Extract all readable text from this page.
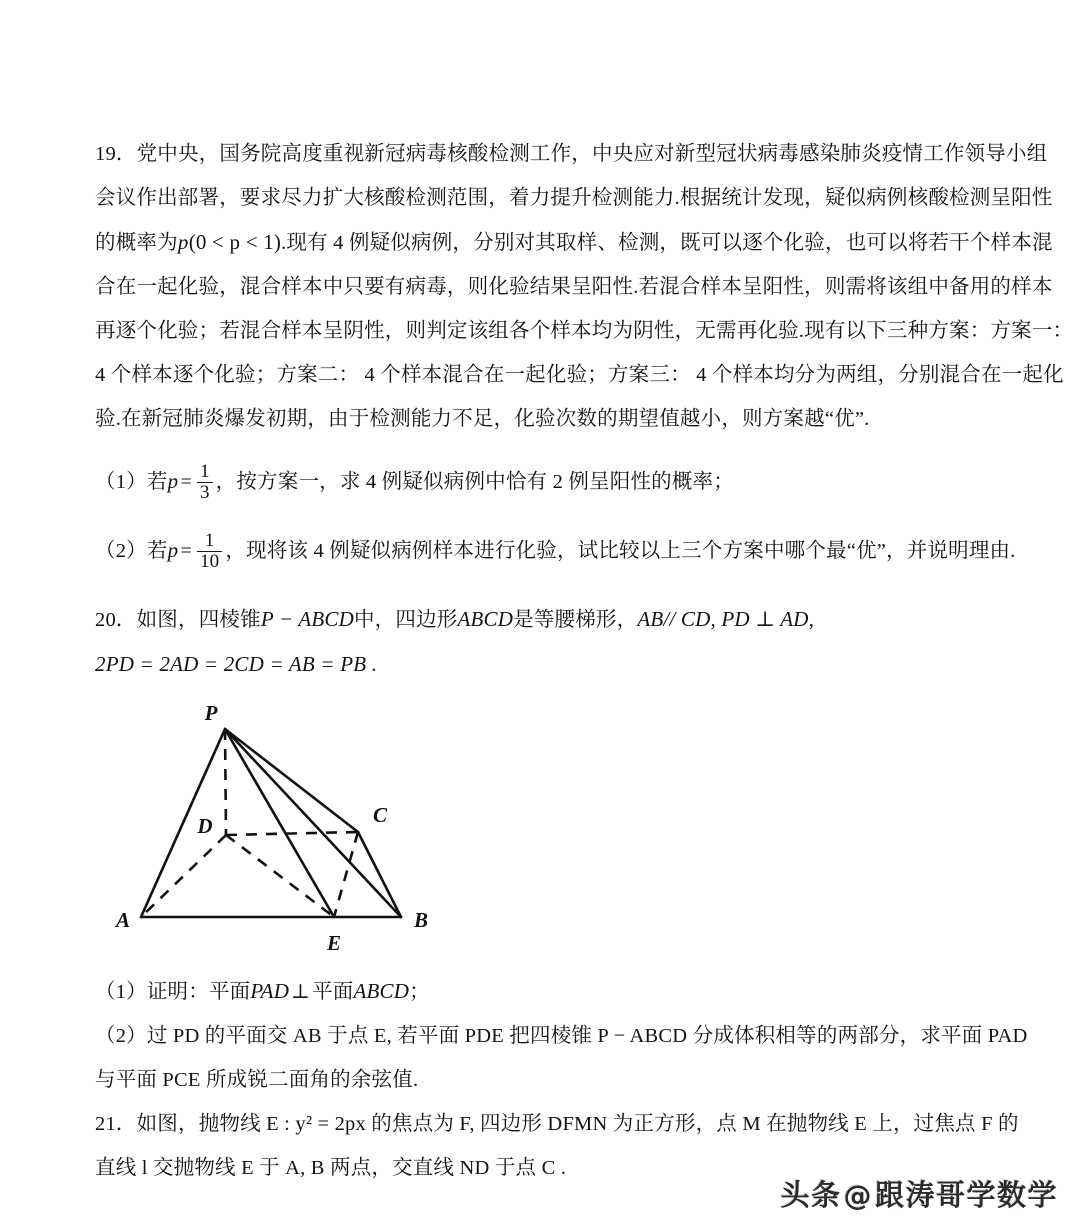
19．党中央，国务院高度重视新冠病毒核酸检测工作，中央应对新型冠状病毒感染肺炎疫情工作领导小组
会议作出部署，要求尽力扩大核酸检测范围，着力提升检测能力.根据统计发现，疑似病例核酸检测呈阳性
的概率为p(0 < p < 1).现有 4 例疑似病例，分别对其取样、检测，既可以逐个化验，也可以将若干个样本混
合在一起化验，混合样本中只要有病毒，则化验结果呈阳性.若混合样本呈阳性，则需将该组中备用的样本
再逐个化验；若混合样本呈阴性，则判定该组各个样本均为阴性，无需再化验.现有以下三种方案：方案一：
4 个样本逐个化验；方案二： 4 个样本混合在一起化验；方案三： 4 个样本均分为两组，分别混合在一起化
验.在新冠肺炎爆发初期，由于检测能力不足，化验次数的期望值越小，则方案越“优”.
（1）若$p = \frac{1}{3}$ ，按方案一，求 4 例疑似病例中恰有 2 例呈阳性的概率；
（2）若$p = \frac{1}{10}$ ，现将该 4 例疑似病例样本进行化验，试比较以上三个方案中哪个最“优”，并说明理由.
20．如图，四棱锥P − ABCD中，四边形ABCD是等腰梯形，AB// CD, PD ⊥ AD,
2PD = 2AD = 2CD = AB = PB .
P
D	C
A
E
B
（1）证明：平面PAD ⊥平面ABCD；
（2）过 PD 的平面交 AB 于点 E, 若平面 PDE 把四棱锥 P − ABCD 分成体积相等的两部分，求平面 PAD
与平面 PCE 所成锐二面角的余弦值.
21．如图，抛物线 E : y² = 2px 的焦点为 F, 四边形 DFMN 为正方形，点 M 在抛物线 E 上，过焦点 F 的
直线 l 交抛物线 E 于 A, B 两点，交直线 ND 于点 C .
头条@跟涛哥学数学
